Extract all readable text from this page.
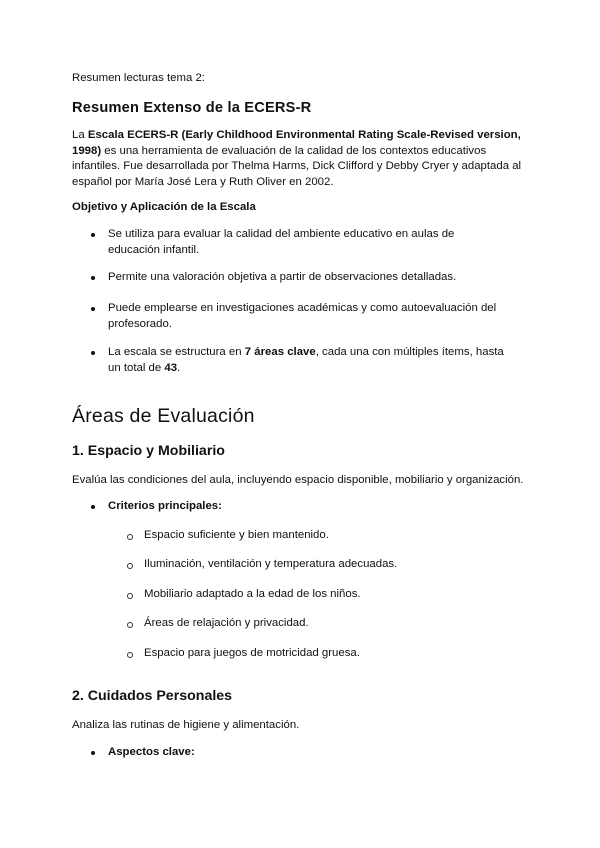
Resumen lecturas tema 2:

Resumen Extenso de la ECERS-R

La Escala ECERS-R (Early Childhood Environmental Rating Scale-Revised version, 1998) es una herramienta de evaluación de la calidad de los contextos educativos infantiles. Fue desarrollada por Thelma Harms, Dick Clifford y Debby Cryer y adaptada al español por María José Lera y Ruth Oliver en 2002.

Objetivo y Aplicación de la Escala

Se utiliza para evaluar la calidad del ambiente educativo en aulas de educación infantil.

Permite una valoración objetiva a partir de observaciones detalladas.

Puede emplearse en investigaciones académicas y como autoevaluación del profesorado.

La escala se estructura en 7 áreas clave, cada una con múltiples ítems, hasta un total de 43.

Áreas de Evaluación
1. Espacio y Mobiliario

Evalúa las condiciones del aula, incluyendo espacio disponible, mobiliario y organización.

Criterios principales:

Espacio suficiente y bien mantenido.

Iluminación, ventilación y temperatura adecuadas.

Mobiliario adaptado a la edad de los niños.

Áreas de relajación y privacidad.

Espacio para juegos de motricidad gruesa.

2. Cuidados Personales

Analiza las rutinas de higiene y alimentación.

Aspectos clave:
